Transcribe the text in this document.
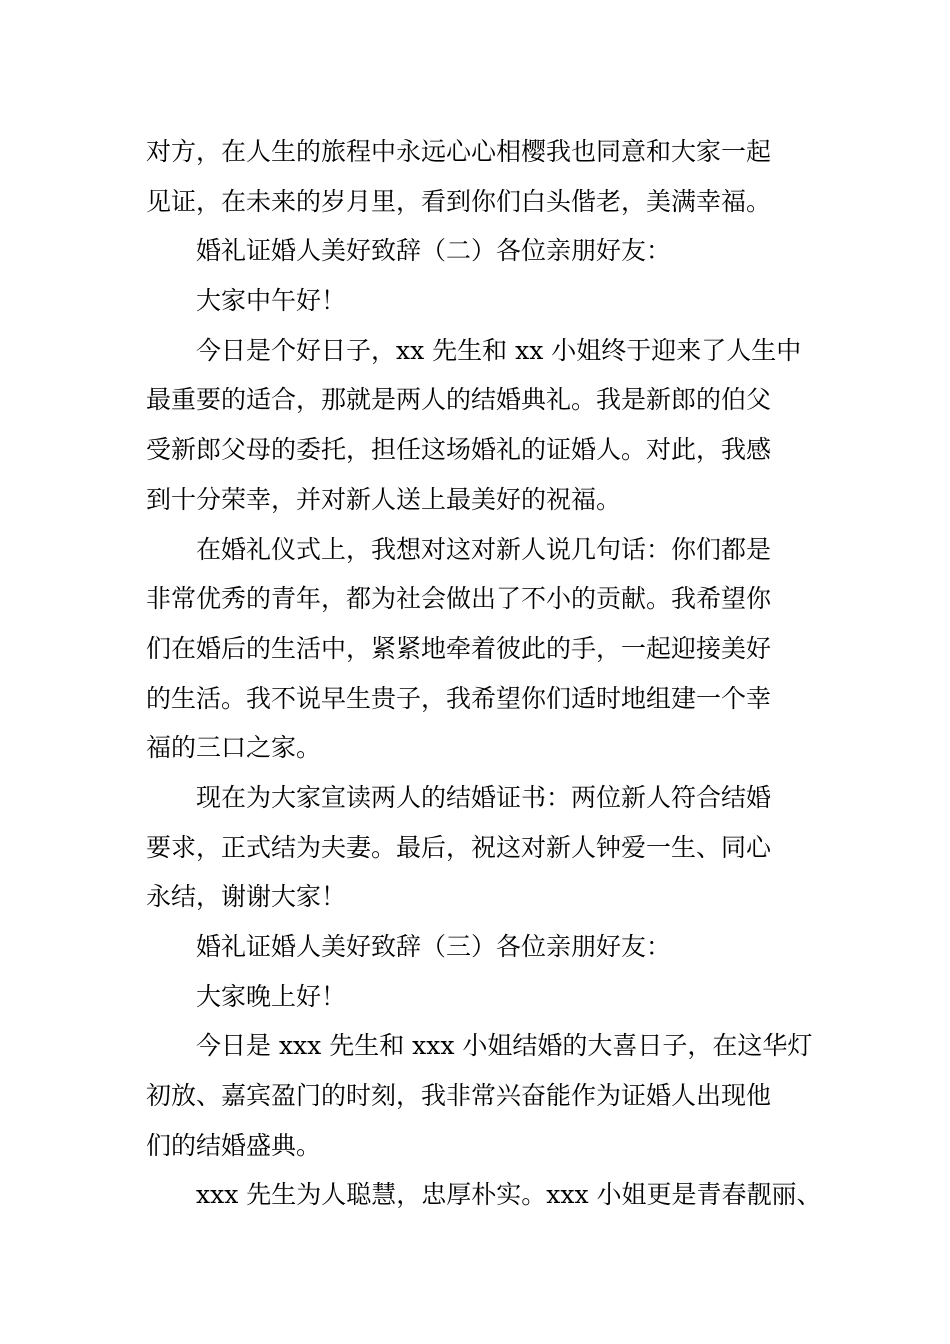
对方，在人生的旅程中永远心心相樱我也同意和大家一起

见证，在未来的岁月里，看到你们白头偕老，美满幸福。

婚礼证婚人美好致辞（二）各位亲朋好友：

大家中午好！

今日是个好日子，xx 先生和 xx 小姐终于迎来了人生中

最重要的适合，那就是两人的结婚典礼。我是新郎的伯父

受新郎父母的委托，担任这场婚礼的证婚人。对此，我感

到十分荣幸，并对新人送上最美好的祝福。

在婚礼仪式上，我想对这对新人说几句话：你们都是

非常优秀的青年，都为社会做出了不小的贡献。我希望你

们在婚后的生活中，紧紧地牵着彼此的手，一起迎接美好

的生活。我不说早生贵子，我希望你们适时地组建一个幸

福的三口之家。

现在为大家宣读两人的结婚证书：两位新人符合结婚

要求，正式结为夫妻。最后，祝这对新人钟爱一生、同心

永结，谢谢大家！

婚礼证婚人美好致辞（三）各位亲朋好友：

大家晚上好！

今日是 xxx 先生和 xxx 小姐结婚的大喜日子，在这华灯

初放、嘉宾盈门的时刻，我非常兴奋能作为证婚人出现他

们的结婚盛典。

xxx 先生为人聪慧，忠厚朴实。xxx 小姐更是青春靓丽、
